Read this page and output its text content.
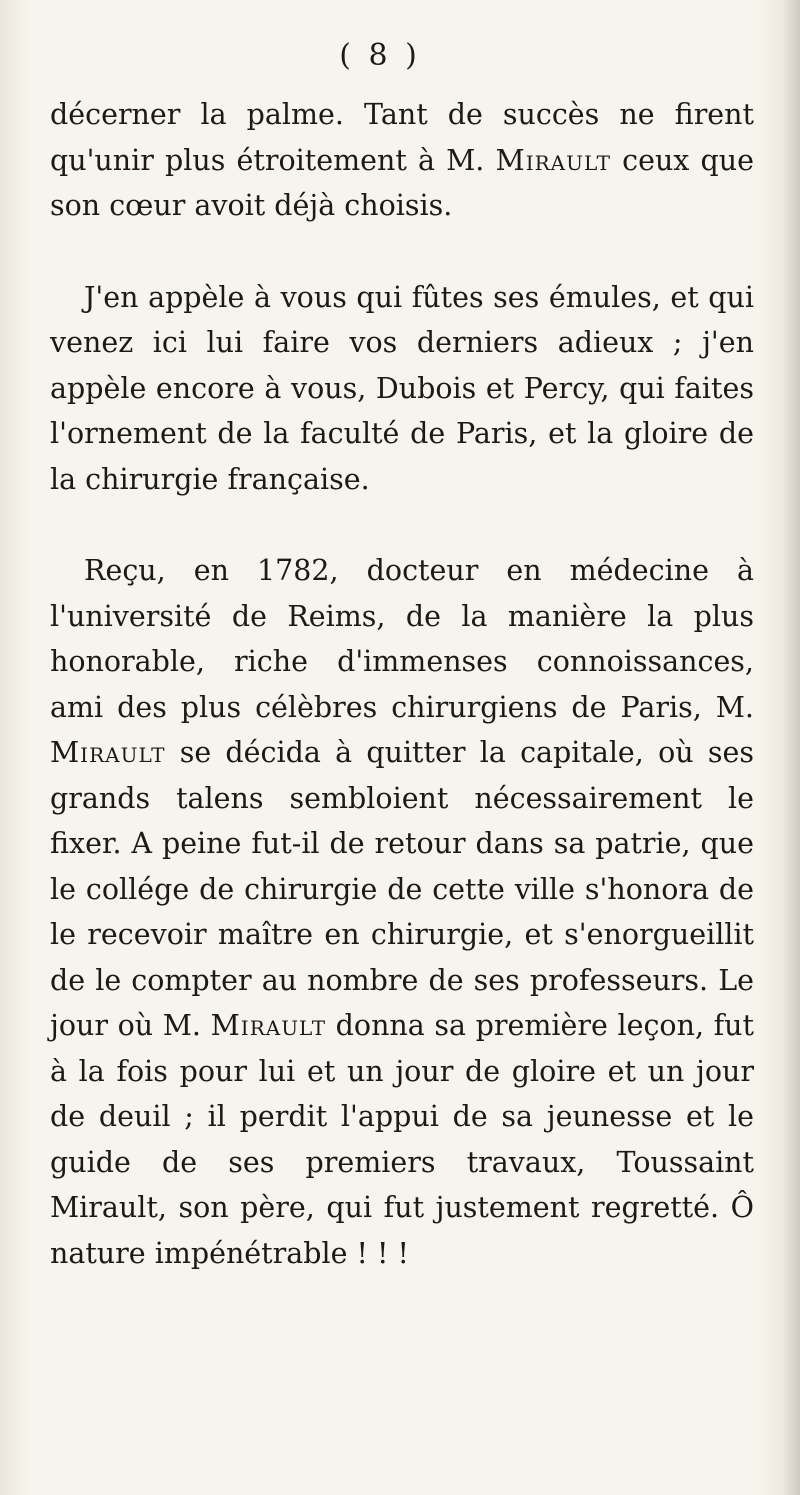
( 8 )

décerner la palme. Tant de succès ne firent qu'unir plus étroitement à M. Mirault ceux que son cœur avoit déjà choisis.

J'en appèle à vous qui fûtes ses émules, et qui venez ici lui faire vos derniers adieux ; j'en appèle encore à vous, Dubois et Percy, qui faites l'ornement de la faculté de Paris, et la gloire de la chirurgie française.

Reçu, en 1782, docteur en médecine à l'université de Reims, de la manière la plus honorable, riche d'immenses connoissances, ami des plus célèbres chirurgiens de Paris, M. Mirault se décida à quitter la capitale, où ses grands talens sembloient nécessairement le fixer. A peine fut-il de retour dans sa patrie, que le collége de chirurgie de cette ville s'honora de le recevoir maître en chirurgie, et s'enorgueillit de le compter au nombre de ses professeurs. Le jour où M. Mirault donna sa première leçon, fut à la fois pour lui et un jour de gloire et un jour de deuil ; il perdit l'appui de sa jeunesse et le guide de ses premiers travaux, Toussaint Mirault, son père, qui fut justement regretté. Ô nature impénétrable ! ! !
